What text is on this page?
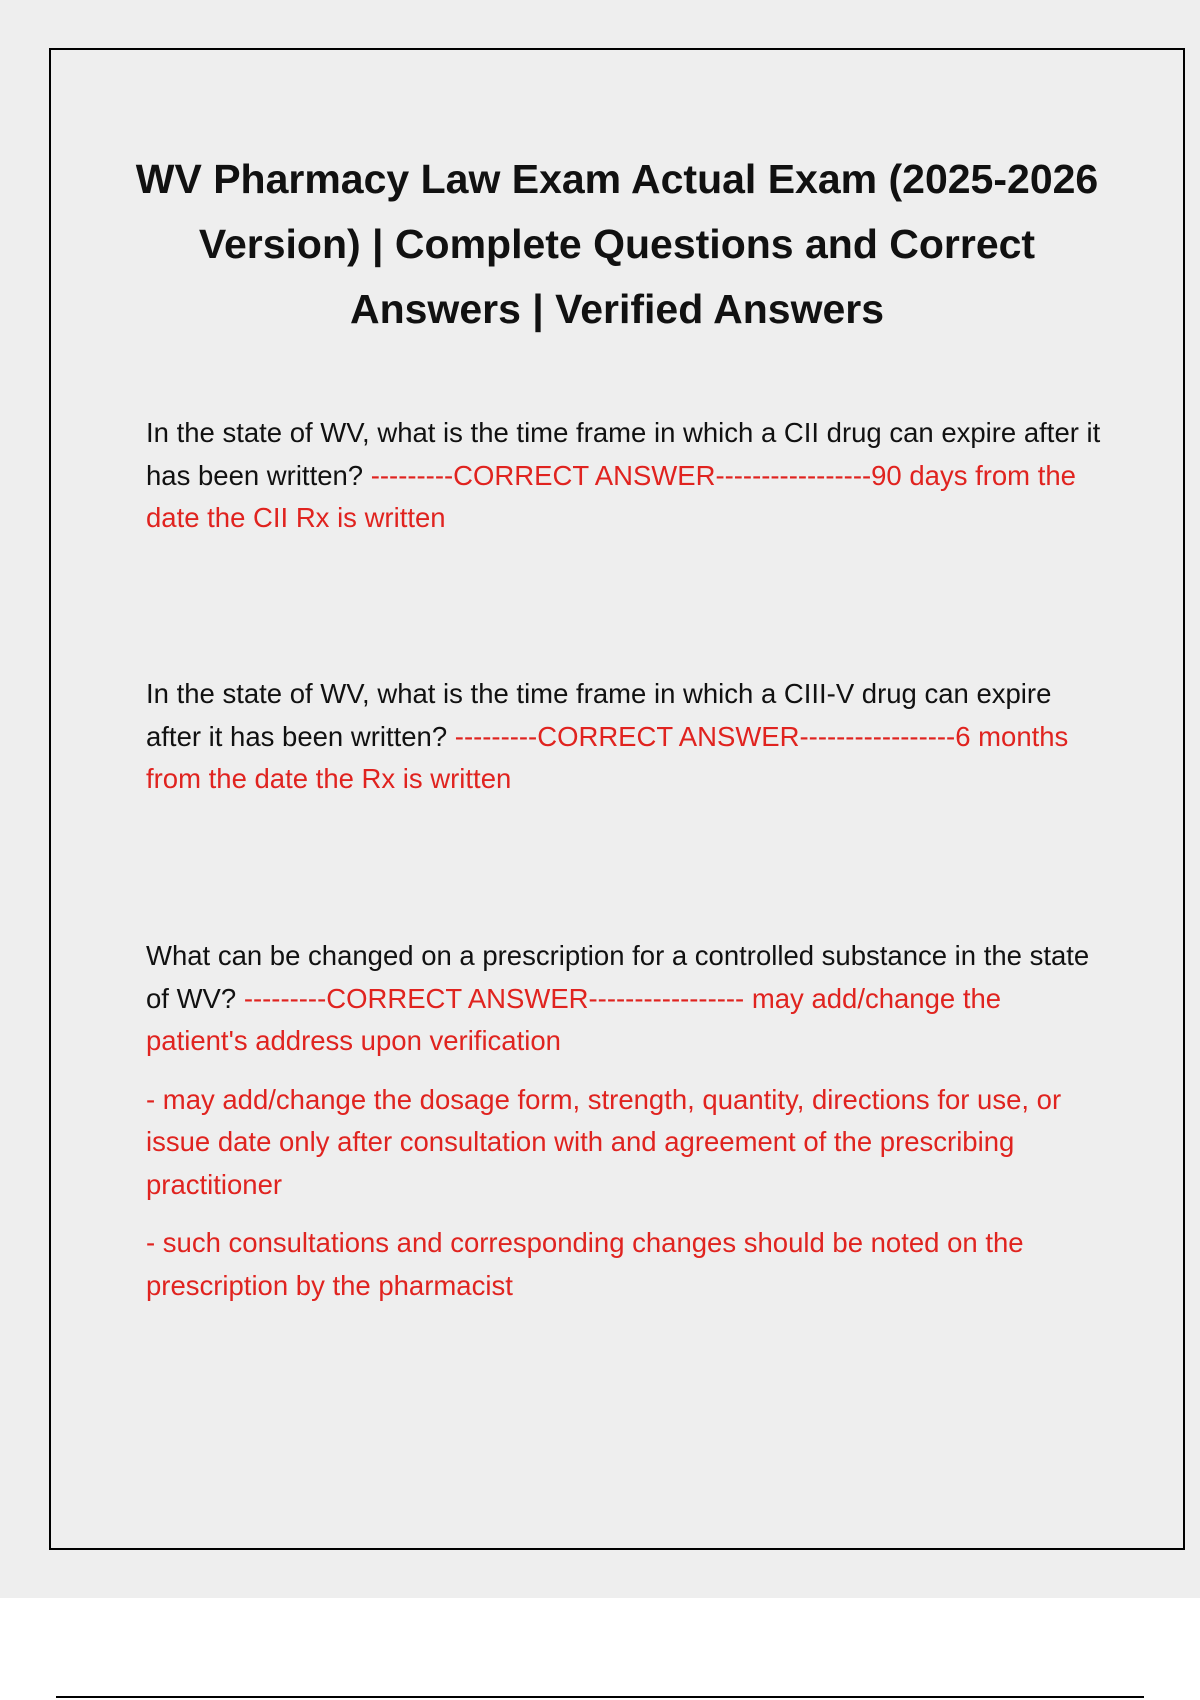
WV Pharmacy Law Exam Actual Exam (2025-2026 Version) | Complete Questions and Correct Answers | Verified Answers

In the state of WV, what is the time frame in which a CII drug can expire after it has been written? ---------CORRECT ANSWER-----------------90 days from the date the CII Rx is written

In the state of WV, what is the time frame in which a CIII-V drug can expire after it has been written? ---------CORRECT ANSWER-----------------6 months from the date the Rx is written

What can be changed on a prescription for a controlled substance in the state of WV? ---------CORRECT ANSWER----------------- may add/change the patient's address upon verification

- may add/change the dosage form, strength, quantity, directions for use, or issue date only after consultation with and agreement of the prescribing practitioner

- such consultations and corresponding changes should be noted on the prescription by the pharmacist
